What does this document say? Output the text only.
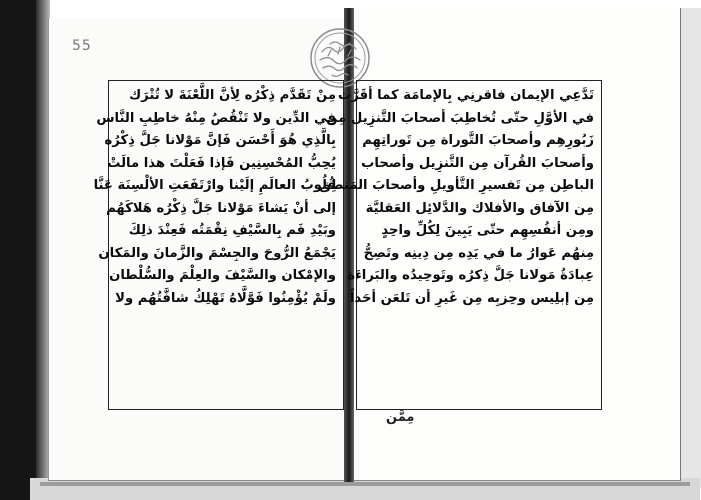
55
مِنْ تَقَدَّم ذِكْرُه لِأنَّ اللَّعْنَةَ لا تُتْرَك
فِي الدِّين ولا تَنْقُصُ مِنْهُ خاطِبِ النَّاس
بِالَّذِي هُوَ أَحْسَن فَإنَّ مَوْلانا جَلَّ ذِكْرُه
يُحِبُّ المُحْسِنِين فَإذا فَعَلْتَ هذا مالَتْ
قُلُوبُ العالَمِ إلَيْنا وارْتَفَعَتِ الألْسِنَة عَنَّا
إلى أنْ يَشاءَ مَوْلانا جَلَّ ذِكْرُه هَلاكَهُم
وبَيْدِ فَم بِالسَّيْفِ نِقْمَتُه فَعِنْدَ ذلِكَ
يَجْمَعُ الرُّوحَ والجِسْمَ والزَّمانَ والمَكان
والإمْكان والسَّيْفَ والعِلْمَ والسُّلْطان
ولَمْ يُؤْمِنُوا فَوَّلَّاهُ تَهْلِكُ شافَّتُهُم ولا
تَدَّعِي الإيمان فاقرنِي بِالإمامَة كما أقَرَّت
في الأوَّلِ حتّى تُخاطِبَ أصحابَ التَّنزِيل مِن
زَبُورِهِم وأصحابَ التَّوراة مِن تَوراتِهِم
وأصحابَ القُرآن مِن التَّنزِيل وأصحاب
الباطِن مِن تَفسيرِ التَّأويلِ وأصحابَ المَنطِق
مِن الآفاق والأفلاك والدَّلائِل العَقليَّة
ومِن أنفُسِهِم حتّى يَبِينَ لِكُلِّ واحِدٍ
مِنهُم عَوارُ ما في يَدِه مِن دِينِه وتَصِحُّ
عِبادَةُ مَولانا جَلَّ ذِكرُه وتَوحِيدُه والبَراءَة
مِن إبلِيس وحِزبِه مِن غَيرِ أن تَلعَن أحَداً
مِمَّن
